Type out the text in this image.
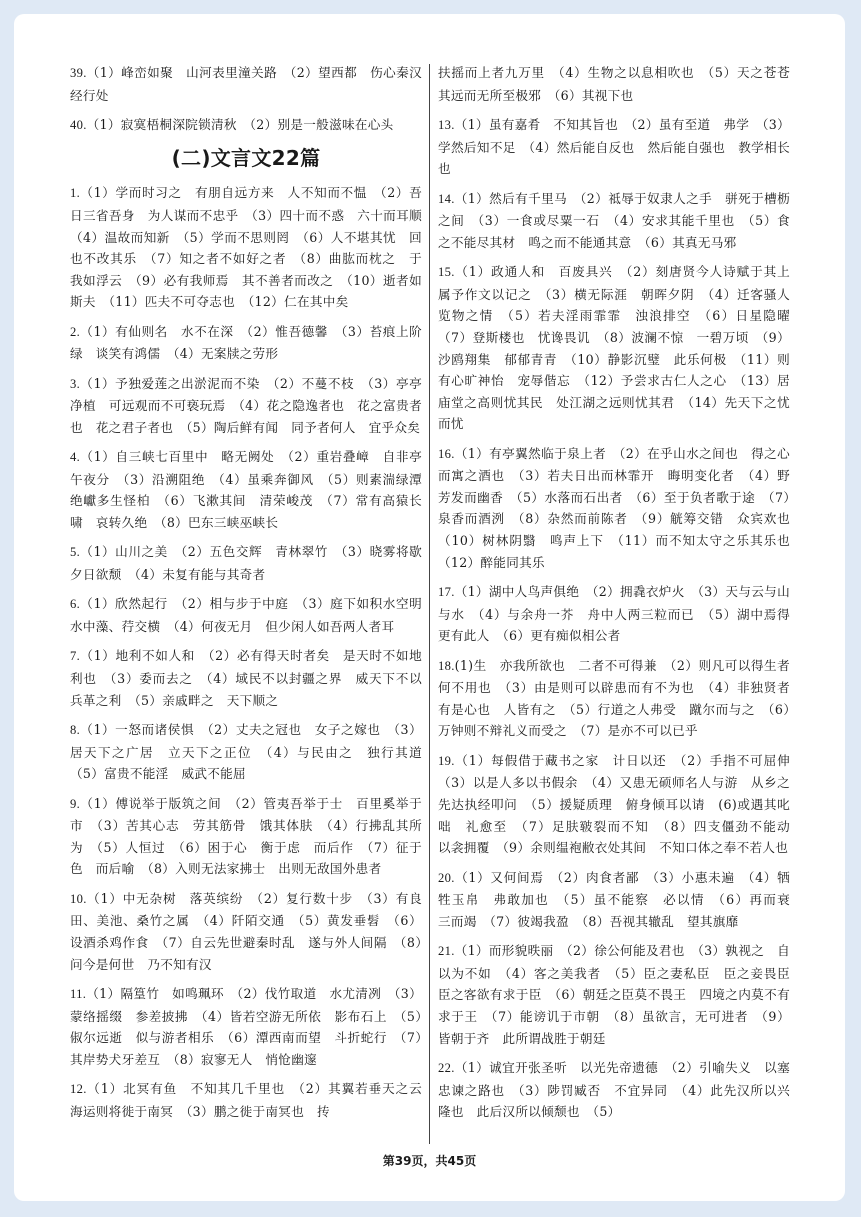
39.（1）峰峦如聚　山河表里潼关路　（2）望西都　伤心秦汉经行处
40.（1）寂寞梧桐深院锁清秋　（2）别是一般滋味在心头
(二)文言文22篇
1.（1）学而时习之　有朋自远方来　人不知而不愠　（2）吾日三省吾身　为人谋而不忠乎　（3）四十而不惑　六十而耳顺　（4）温故而知新　（5）学而不思则罔　（6）人不堪其忧　回也不改其乐　（7）知之者不如好之者　（8）曲肱而枕之　于我如浮云　（9）必有我师焉　其不善者而改之　（10）逝者如斯夫　（11）匹夫不可夺志也　（12）仁在其中矣
2.（1）有仙则名　水不在深　（2）惟吾德馨　（3）苔痕上阶绿　谈笑有鸿儒　（4）无案牍之劳形
3.（1）予独爱莲之出淤泥而不染　（2）不蔓不枝　（3）亭亭净植　可远观而不可亵玩焉　（4）花之隐逸者也　花之富贵者也　花之君子者也　（5）陶后鲜有闻　同予者何人　宜乎众矣
4.（1）自三峡七百里中　略无阙处　（2）重岩叠嶂　自非亭午夜分　（3）沿溯阻绝　（4）虽乘奔御风　（5）则素湍绿潭　绝巘多生怪柏　（6）飞漱其间　清荣峻茂　（7）常有高猿长啸　哀转久绝　（8）巴东三峡巫峡长
5.（1）山川之美　（2）五色交辉　青林翠竹　（3）晓雾将歇　夕日欲颓　（4）未复有能与其奇者
6.（1）欣然起行　（2）相与步于中庭　（3）庭下如积水空明　水中藻、荇交横　（4）何夜无月　但少闲人如吾两人者耳
7.（1）地利不如人和　（2）必有得天时者矣　是天时不如地利也　（3）委而去之　（4）域民不以封疆之界　威天下不以兵革之利　（5）亲戚畔之　天下顺之
8.（1）一怒而诸侯惧　（2）丈夫之冠也　女子之嫁也　（3）居天下之广居　立天下之正位　（4）与民由之　独行其道　（5）富贵不能淫　威武不能屈
9.（1）傅说举于版筑之间　（2）管夷吾举于士　百里奚举于市　（3）苦其心志　劳其筋骨　饿其体肤　（4）行拂乱其所为　（5）人恒过　（6）困于心　衡于虑　而后作　（7）征于色　而后喻　（8）入则无法家拂士　出则无敌国外患者
10.（1）中无杂树　落英缤纷　（2）复行数十步　（3）有良田、美池、桑竹之属　（4）阡陌交通　（5）黄发垂髫　（6）设酒杀鸡作食　（7）自云先世避秦时乱　遂与外人间隔　（8）问今是何世　乃不知有汉
11.（1）隔篁竹　如鸣珮环　（2）伐竹取道　水尤清冽　（3）蒙络摇缀　参差披拂　（4）皆若空游无所依　影布石上　（5）俶尔远逝　似与游者相乐　（6）潭西南而望　斗折蛇行　（7）其岸势犬牙差互　（8）寂寥无人　悄怆幽邃
12.（1）北冥有鱼　不知其几千里也　（2）其翼若垂天之云　海运则将徙于南冥　（3）鹏之徙于南冥也　抟
扶摇而上者九万里　（4）生物之以息相吹也　（5）天之苍苍　其远而无所至极邪　（6）其视下也
13.（1）虽有嘉肴　不知其旨也　（2）虽有至道　弗学　（3）学然后知不足　（4）然后能自反也　然后能自强也　教学相长也
14.（1）然后有千里马　（2）祗辱于奴隶人之手　骈死于槽枥之间　（3）一食或尽粟一石　（4）安求其能千里也　（5）食之不能尽其材　鸣之而不能通其意　（6）其真无马邪
15.（1）政通人和　百废具兴　（2）刻唐贤今人诗赋于其上　属予作文以记之　（3）横无际涯　朝晖夕阴　（4）迁客骚人　览物之情　（5）若夫淫雨霏霏　浊浪排空　（6）日星隐曜　（7）登斯楼也　忧谗畏讥　（8）波澜不惊　一碧万顷　（9）沙鸥翔集　郁郁青青　（10）静影沉璧　此乐何极　（11）则有心旷神怡　宠辱偕忘　（12）予尝求古仁人之心　（13）居庙堂之高则忧其民　处江湖之远则忧其君　（14）先天下之忧而忧
16.（1）有亭翼然临于泉上者　（2）在乎山水之间也　得之心而寓之酒也　（3）若夫日出而林霏开　晦明变化者　（4）野芳发而幽香　（5）水落而石出者　（6）至于负者歌于途　（7）泉香而酒洌　（8）杂然而前陈者　（9）觥筹交错　众宾欢也　（10）树林阴翳　鸣声上下　（11）而不知太守之乐其乐也　（12）醉能同其乐
17.（1）湖中人鸟声俱绝　（2）拥毳衣炉火　（3）天与云与山与水　（4）与余舟一芥　舟中人两三粒而已　（5）湖中焉得更有此人　（6）更有痴似相公者
18.(1)生　亦我所欲也　二者不可得兼　（2）则凡可以得生者何不用也　（3）由是则可以辟患而有不为也　（4）非独贤者有是心也　人皆有之　（5）行道之人弗受　蹴尔而与之　（6）万钟则不辩礼义而受之　（7）是亦不可以已乎
19.（1）每假借于藏书之家　计日以还　（2）手指不可屈伸　（3）以是人多以书假余　（4）又患无硕师名人与游　从乡之先达执经叩问　（5）援疑质理　俯身倾耳以请　(6)或遇其叱咄　礼愈至　（7）足肤皲裂而不知　（8）四支僵劲不能动　以衾拥覆　（9）余则缊袍敝衣处其间　不知口体之奉不若人也
20.（1）又何间焉　（2）肉食者鄙　（3）小惠未遍　（4）牺牲玉帛　弗敢加也　（5）虽不能察　必以情　（6）再而衰　三而竭　（7）彼竭我盈　（8）吾视其辙乱　望其旗靡
21.（1）而形貌昳丽　（2）徐公何能及君也　（3）孰视之　自以为不如　（4）客之美我者　（5）臣之妻私臣　臣之妾畏臣　臣之客欲有求于臣　（6）朝廷之臣莫不畏王　四境之内莫不有求于王　（7）能谤讥于市朝　（8）虽欲言，无可进者　（9）皆朝于齐　此所谓战胜于朝廷
22.（1）诚宜开张圣听　以光先帝遗德　（2）引喻失义　以塞忠谏之路也　（3）陟罚臧否　不宜异同　（4）此先汉所以兴隆也　此后汉所以倾颓也　（5）
第39页，共45页
